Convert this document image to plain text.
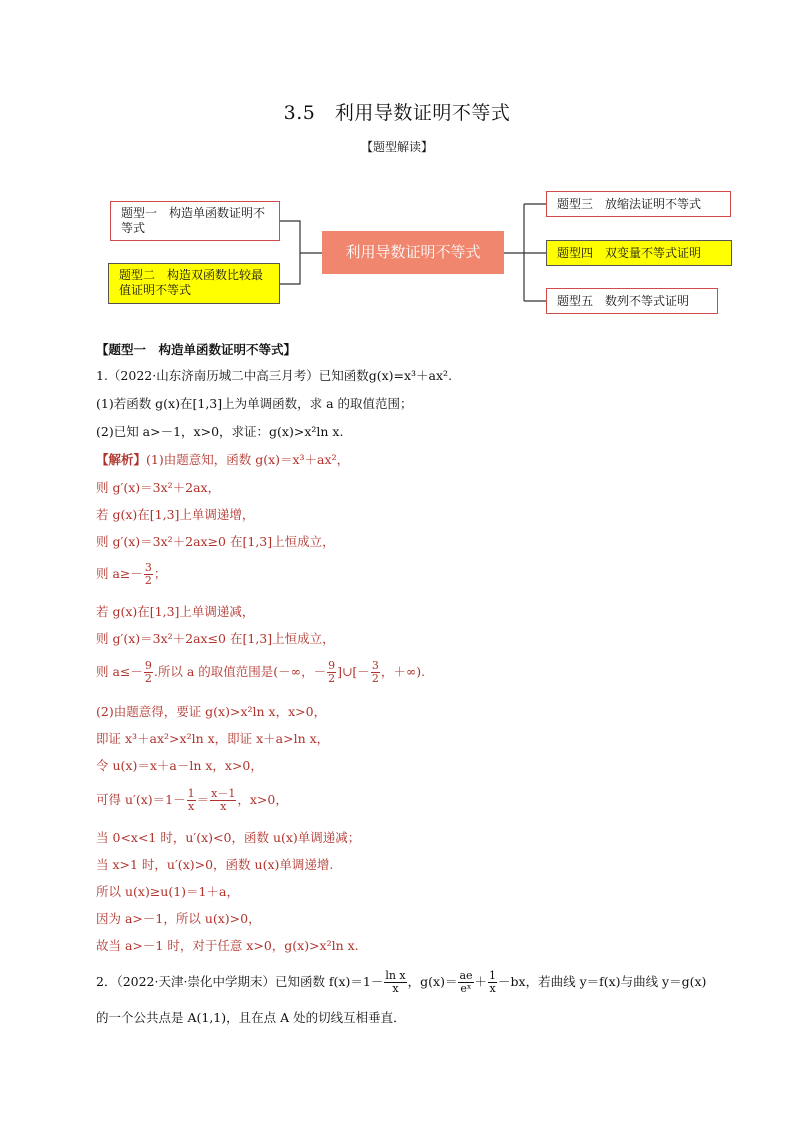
3.5　利用导数证明不等式
【题型解读】
题型一　构造单函数证明不等式
题型二　构造双函数比较最值证明不等式
利用导数证明不等式
题型三　放缩法证明不等式
题型四　双变量不等式证明
题型五　数列不等式证明
【题型一　构造单函数证明不等式】
1.（2022·山东济南历城二中高三月考）已知函数g(x)=x³＋ax².
(1)若函数 g(x)在[1,3]上为单调函数，求 a 的取值范围；
(2)已知 a>－1，x>0，求证：g(x)>x²ln x.
【解析】(1)由题意知，函数 g(x)＝x³＋ax²，
则 g′(x)＝3x²＋2ax，
若 g(x)在[1,3]上单调递增，
则 g′(x)＝3x²＋2ax≥0 在[1,3]上恒成立，
则 $a\ge- \frac{3}{2}$ ；
若 g(x)在[1,3]上单调递减，
则 g′(x)＝3x²＋2ax≤0 在[1,3]上恒成立，
则 $a\le- \frac{9}{2}$ .所以 a 的取值范围是(－∞，－ $\frac{9}{2}$ ]∪[－ $\frac{3}{2}$ ，＋∞).
(2)由题意得，要证 g(x)>x²ln x，x>0，
即证 x³＋ax²>x²ln x，即证 x＋a>ln x，
令 u(x)＝x＋a－ln x，x>0，
可得 $u'(x)=1- \frac{1}{x} = \frac{x-1}{x}$ ，x>0，
当 0<x<1 时，u′(x)<0，函数 u(x)单调递减；
当 x>1 时，u′(x)>0，函数 u(x)单调递增.
所以 u(x)≥u(1)＝1＋a，
因为 a>－1，所以 u(x)>0，
故当 a>－1 时，对于任意 x>0，g(x)>x²ln x.
2．（2022·天津·崇化中学期末）已知函数 $f(x)=1- \frac{\text{ln x}}{x}$ ，$g(x)= \frac{ae}{\text{eˣ}} + \frac{1}{x} -bx$，若曲线 y＝f(x)与曲线 y＝g(x)
的一个公共点是 A(1,1)，且在点 A 处的切线互相垂直．
